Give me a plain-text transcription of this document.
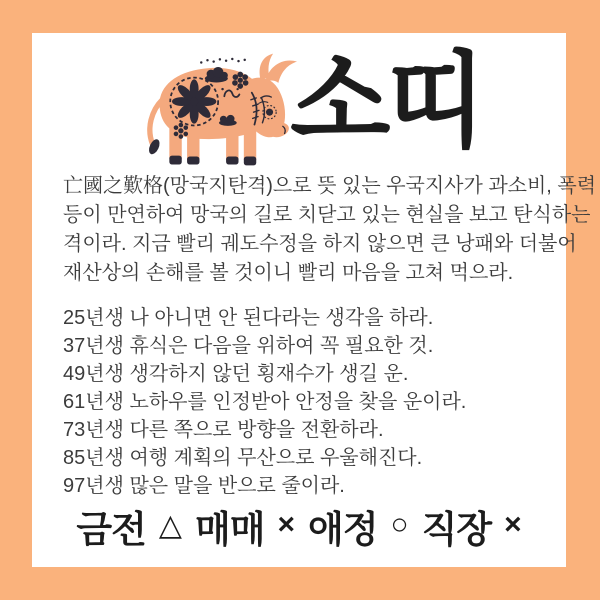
소띠
亡國之歎格(망국지탄격)으로 뜻 있는 우국지사가 과소비, 폭력
등이 만연하여 망국의 길로 치닫고 있는 현실을 보고 탄식하는
격이라. 지금 빨리 궤도수정을 하지 않으면 큰 낭패와 더불어
재산상의 손해를 볼 것이니 빨리 마음을 고쳐 먹으라.
25년생 나 아니면 안 된다라는 생각을 하라.
37년생 휴식은 다음을 위하여 꼭 필요한 것.
49년생 생각하지 않던 횡재수가 생길 운.
61년생 노하우를 인정받아 안정을 찾을 운이라.
73년생 다른 쪽으로 방향을 전환하라.
85년생 여행 계획의 무산으로 우울해진다.
97년생 많은 말을 반으로 줄이라.
금전 △ 매매 × 애정 ○ 직장 ×
